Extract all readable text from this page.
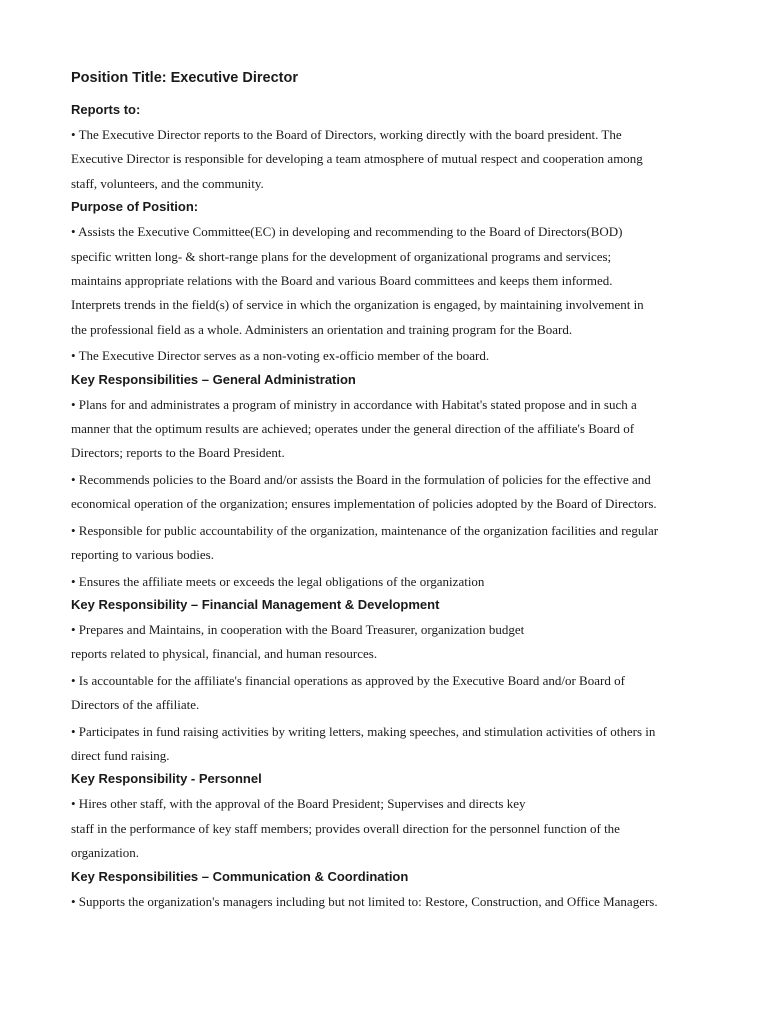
Position Title: Executive Director
Reports to:
• The Executive Director reports to the Board of Directors, working directly with the board president. The
Executive Director is responsible for developing a team atmosphere of mutual respect and cooperation among
staff, volunteers, and the community.
Purpose of Position:
• Assists the Executive Committee(EC) in developing and recommending to the Board of Directors(BOD)
specific written long- & short-range plans for the development of organizational programs and services;
maintains appropriate relations with the Board and various Board committees and keeps them informed.
Interprets trends in the field(s) of service in which the organization is engaged, by maintaining involvement in
the professional field as a whole. Administers an orientation and training program for the Board.
• The Executive Director serves as a non-voting ex-officio member of the board.
Key Responsibilities – General Administration
• Plans for and administrates a program of ministry in accordance with Habitat's stated propose and in such a
manner that the optimum results are achieved; operates under the general direction of the affiliate's Board of
Directors; reports to the Board President.
• Recommends policies to the Board and/or assists the Board in the formulation of policies for the effective and
economical operation of the organization; ensures implementation of policies adopted by the Board of Directors.
• Responsible for public accountability of the organization, maintenance of the organization facilities and regular
reporting to various bodies.
• Ensures the affiliate meets or exceeds the legal obligations of the organization
Key Responsibility – Financial Management & Development
• Prepares and Maintains, in cooperation with the Board Treasurer, organization budget
reports related to physical, financial, and human resources.
• Is accountable for the affiliate's financial operations as approved by the Executive Board and/or Board of
Directors of the affiliate.
• Participates in fund raising activities by writing letters, making speeches, and stimulation activities of others in
direct fund raising.
Key Responsibility - Personnel
• Hires other staff, with the approval of the Board President; Supervises and directs key
staff in the performance of key staff members; provides overall direction for the personnel function of the
organization.
Key Responsibilities – Communication & Coordination
• Supports the organization's managers including but not limited to: Restore, Construction, and Office Managers.
